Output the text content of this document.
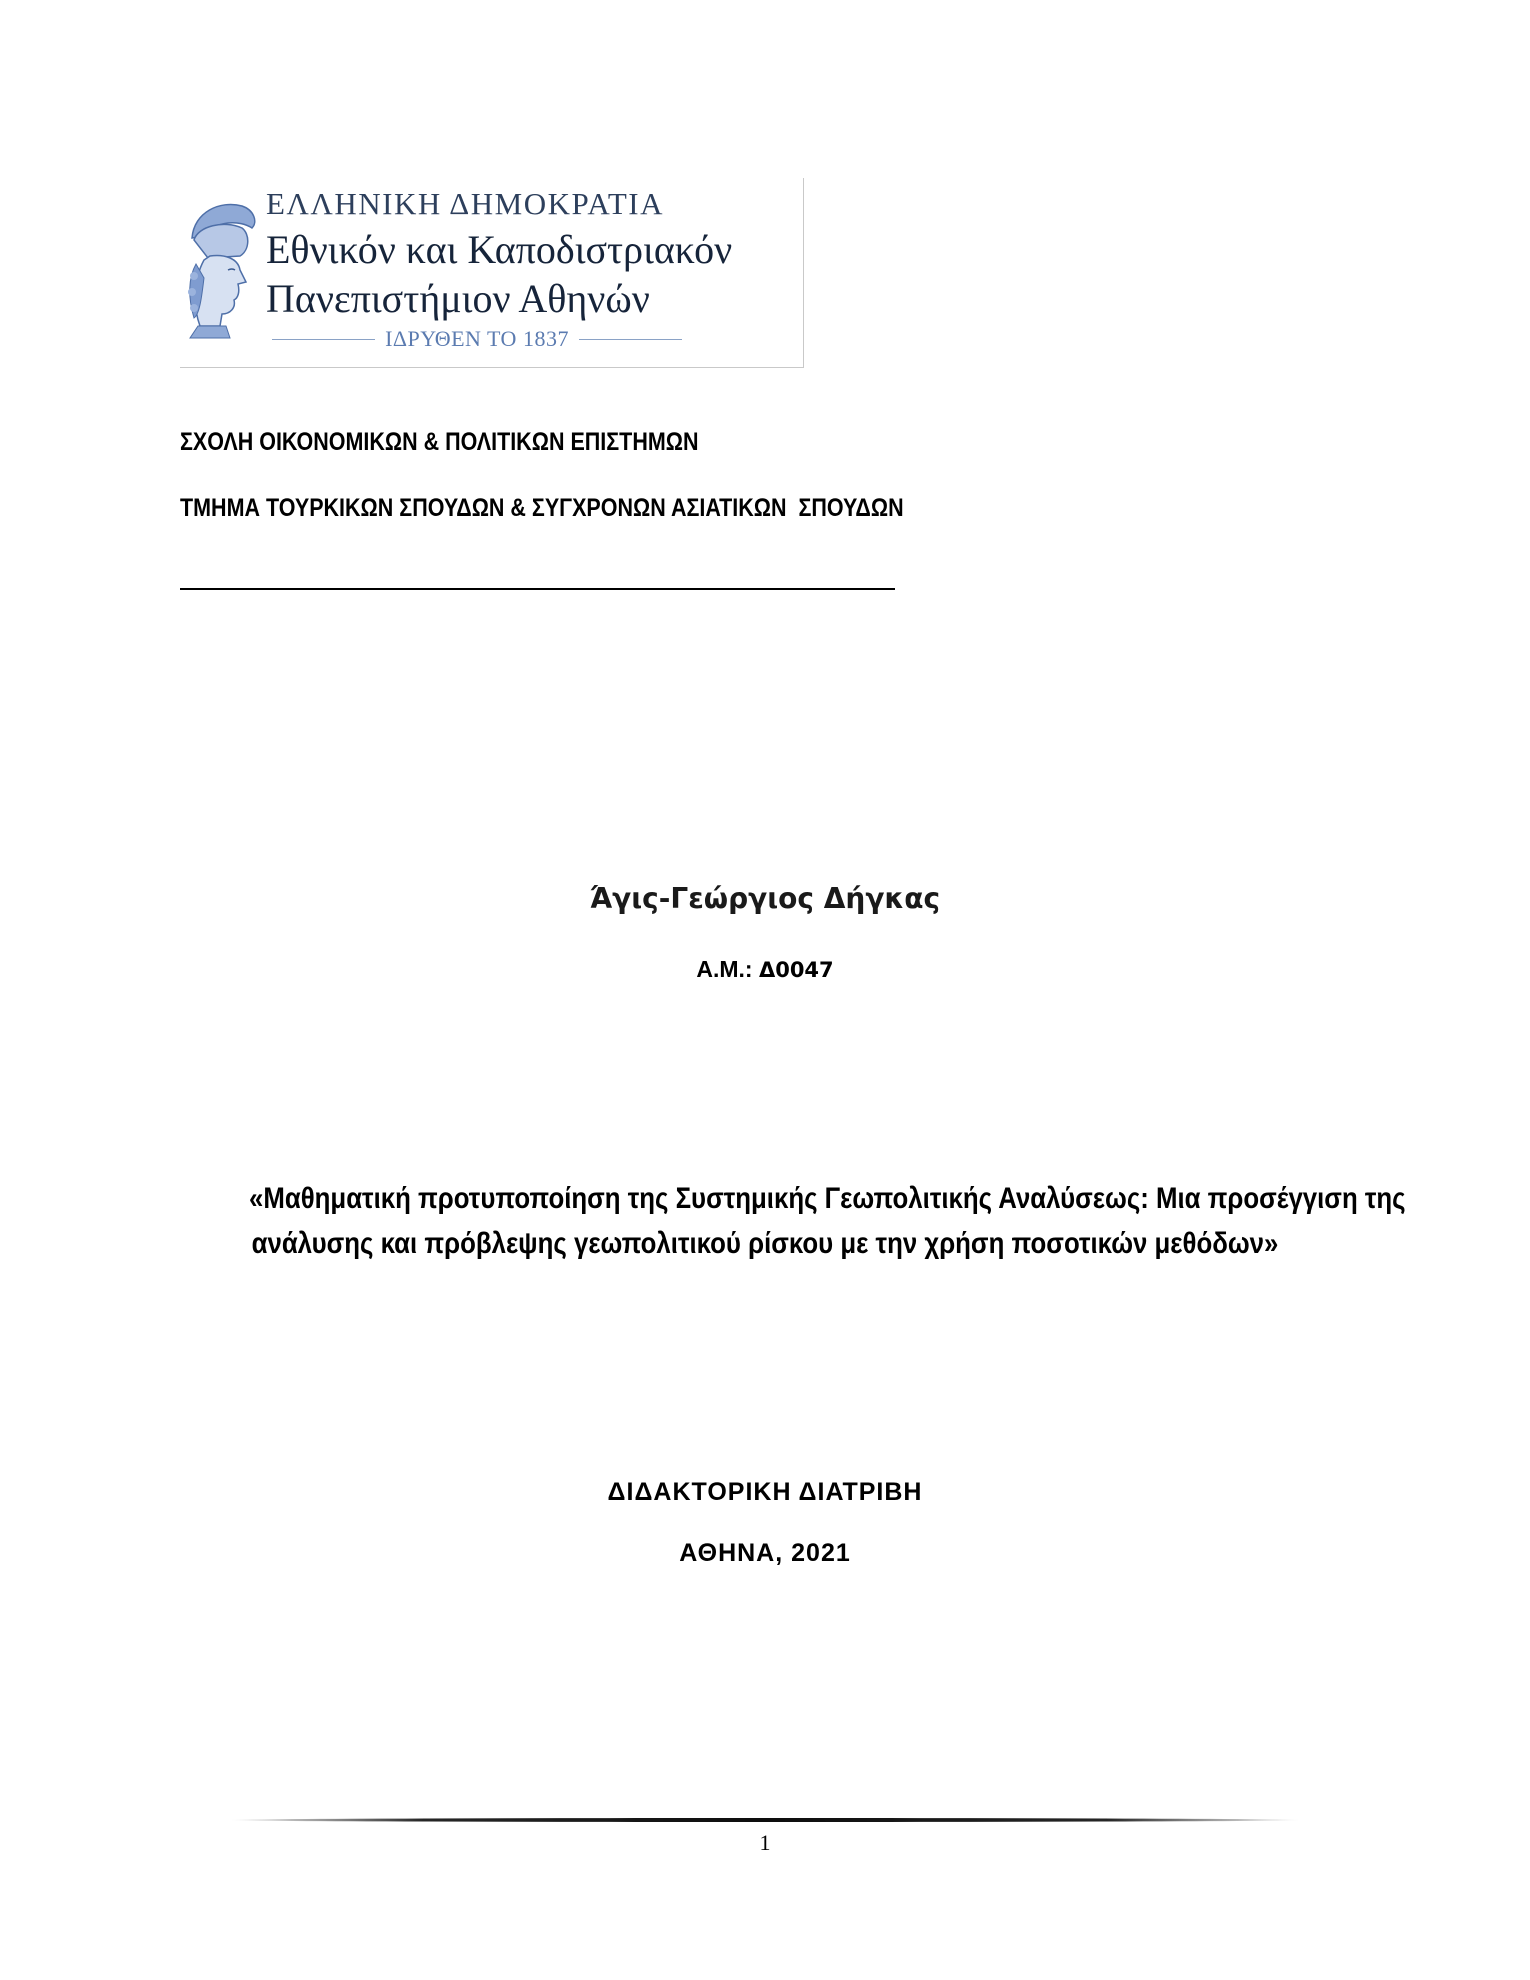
ΕΛΛΗΝΙΚΗ ΔΗΜΟΚΡΑΤΙΑ
Εθνικόν και Καποδιστριακόν
Πανεπιστήμιον Αθηνών
ΙΔΡΥΘΕΝ ΤΟ 1837
ΣΧΟΛΗ ΟΙΚΟΝΟΜΙΚΩΝ & ΠΟΛΙΤΙΚΩΝ ΕΠΙΣΤΗΜΩΝ
ΤΜΗΜΑ ΤΟΥΡΚΙΚΩΝ ΣΠΟΥΔΩΝ & ΣΥΓΧΡΟΝΩΝ ΑΣΙΑΤΙΚΩΝ  ΣΠΟΥΔΩΝ
Άγις-Γεώργιος Δήγκας
Α.Μ.: Δ0047
«Μαθηματική προτυποποίηση της Συστημικής Γεωπολιτικής Αναλύσεως: Μια προσέγγιση της
ανάλυσης και πρόβλεψης γεωπολιτικού ρίσκου με την χρήση ποσοτικών μεθόδων»
ΔΙΔΑΚΤΟΡΙΚΗ ΔΙΑΤΡΙΒΗ
ΑΘΗΝΑ, 2021
1
